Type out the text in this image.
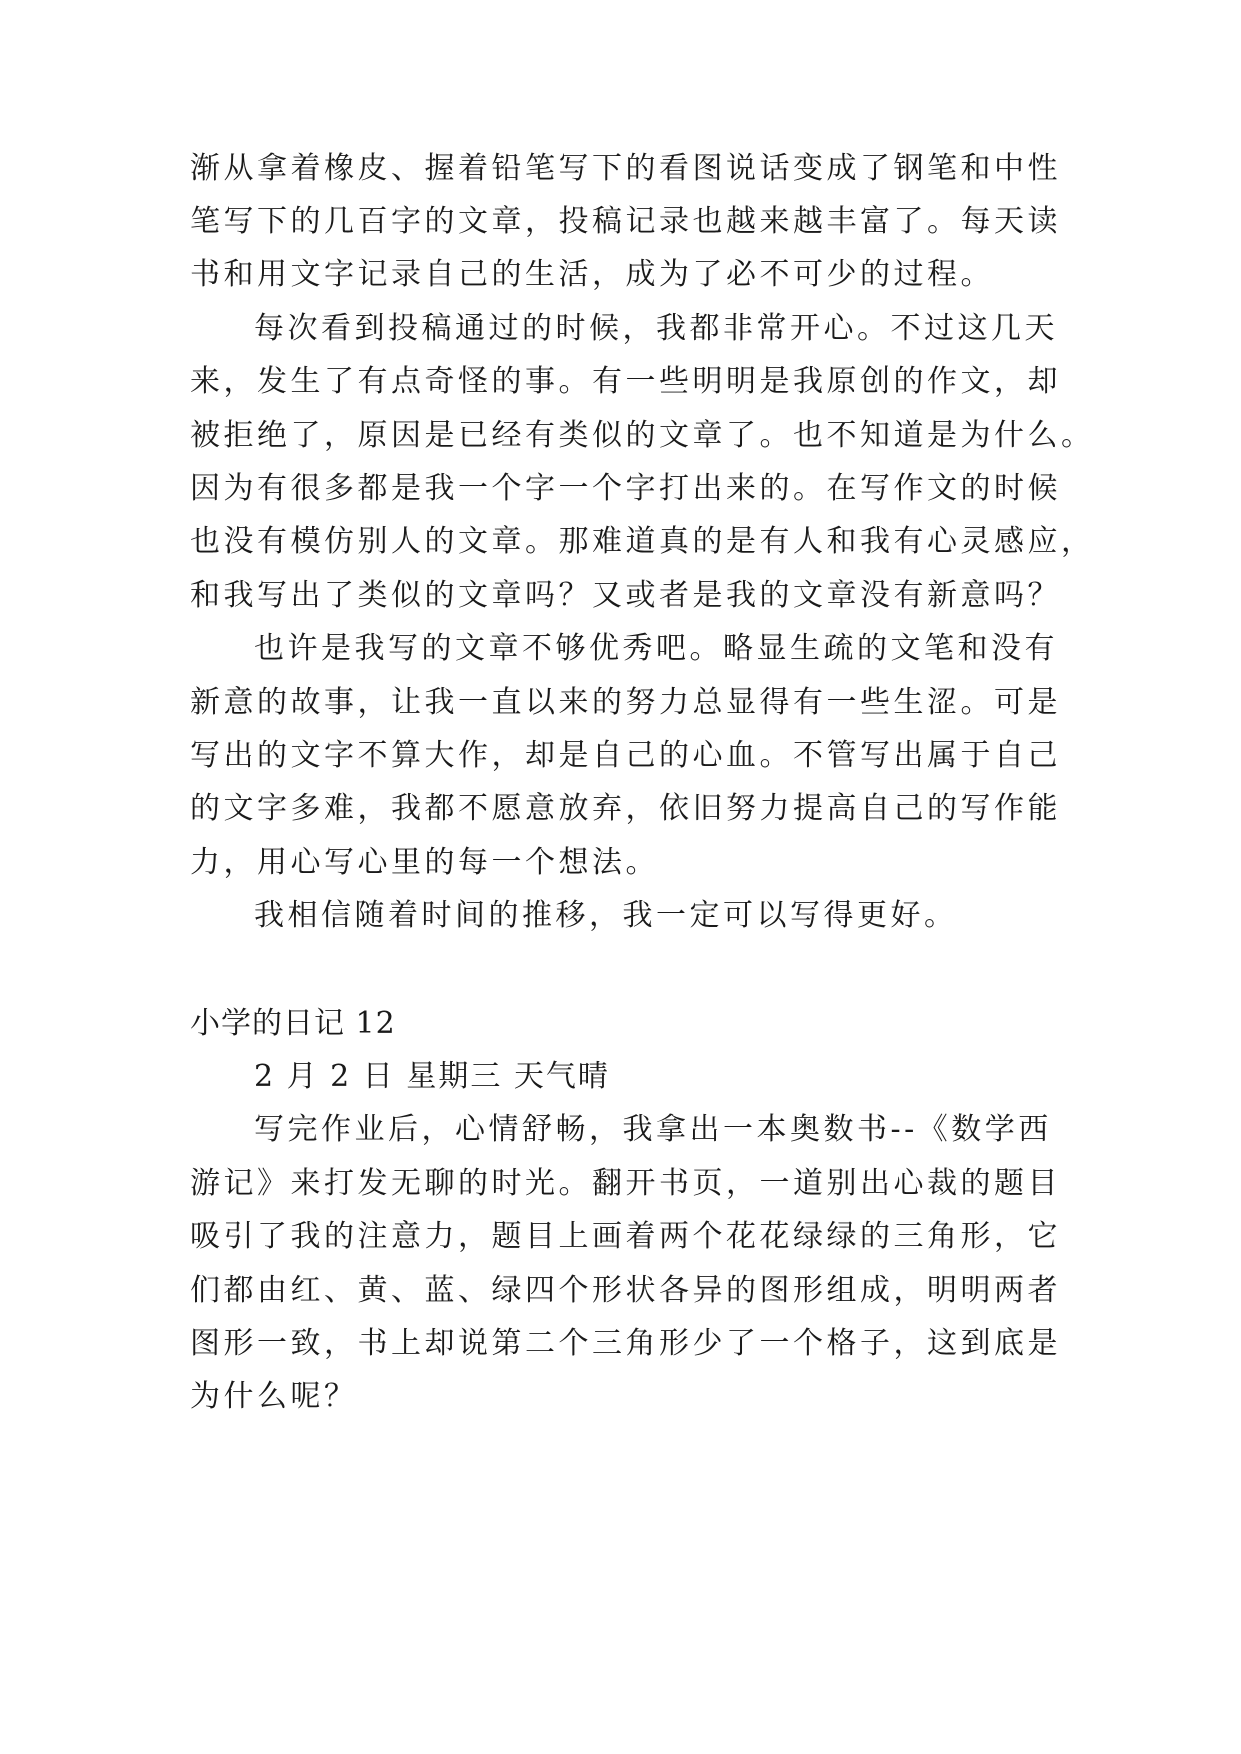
渐从拿着橡皮、握着铅笔写下的看图说话变成了钢笔和中性
笔写下的几百字的文章，投稿记录也越来越丰富了。每天读
书和用文字记录自己的生活，成为了必不可少的过程。
每次看到投稿通过的时候，我都非常开心。不过这几天
来，发生了有点奇怪的事。有一些明明是我原创的作文，却
被拒绝了，原因是已经有类似的文章了。也不知道是为什么。
因为有很多都是我一个字一个字打出来的。在写作文的时候
也没有模仿别人的文章。那难道真的是有人和我有心灵感应，
和我写出了类似的文章吗？又或者是我的文章没有新意吗？
也许是我写的文章不够优秀吧。略显生疏的文笔和没有
新意的故事，让我一直以来的努力总显得有一些生涩。可是
写出的文字不算大作，却是自己的心血。不管写出属于自己
的文字多难，我都不愿意放弃，依旧努力提高自己的写作能
力，用心写心里的每一个想法。
我相信随着时间的推移，我一定可以写得更好。
小学的日记 12
2 月 2 日 星期三 天气晴
写完作业后，心情舒畅，我拿出一本奥数书--《数学西
游记》来打发无聊的时光。翻开书页，一道别出心裁的题目
吸引了我的注意力，题目上画着两个花花绿绿的三角形，它
们都由红、黄、蓝、绿四个形状各异的图形组成，明明两者
图形一致，书上却说第二个三角形少了一个格子，这到底是
为什么呢？
